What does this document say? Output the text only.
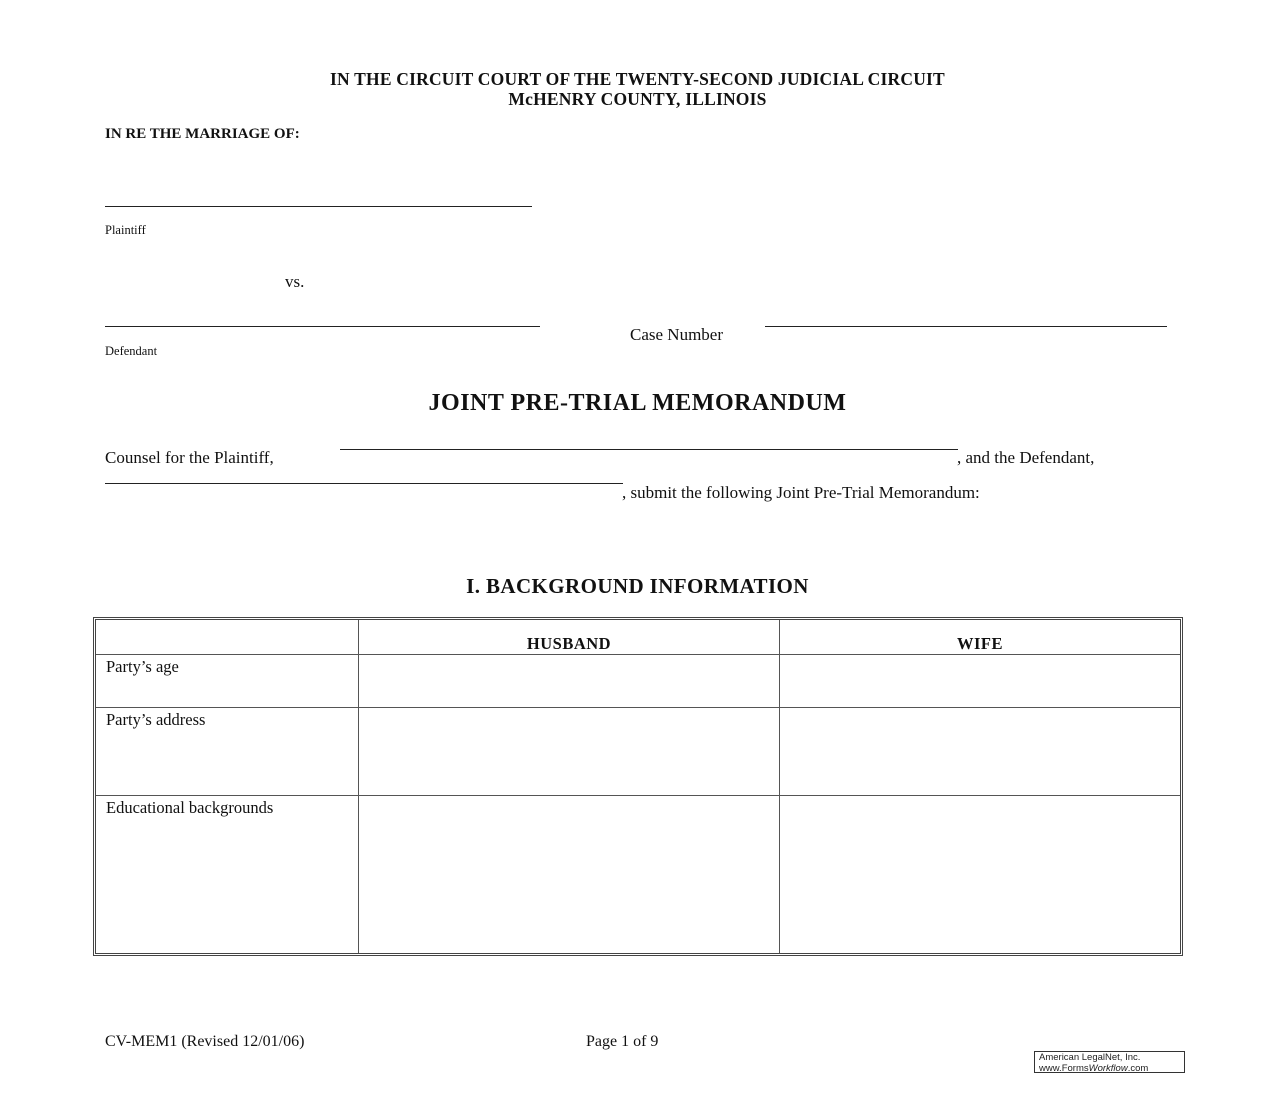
IN THE CIRCUIT COURT OF THE TWENTY-SECOND JUDICIAL CIRCUIT
McHENRY COUNTY, ILLINOIS
IN RE THE MARRIAGE OF:
Plaintiff
vs.
Defendant
Case Number
JOINT PRE-TRIAL MEMORANDUM
Counsel for the Plaintiff,	, and the Defendant,
, submit the following Joint Pre-Trial Memorandum:
I. BACKGROUND INFORMATION
	HUSBAND	WIFE
Party’s age		
Party’s address		
Educational backgrounds		
CV-MEM1 (Revised 12/01/06)	Page 1 of 9
American LegalNet, Inc.
www.FormsWorkflow.com
